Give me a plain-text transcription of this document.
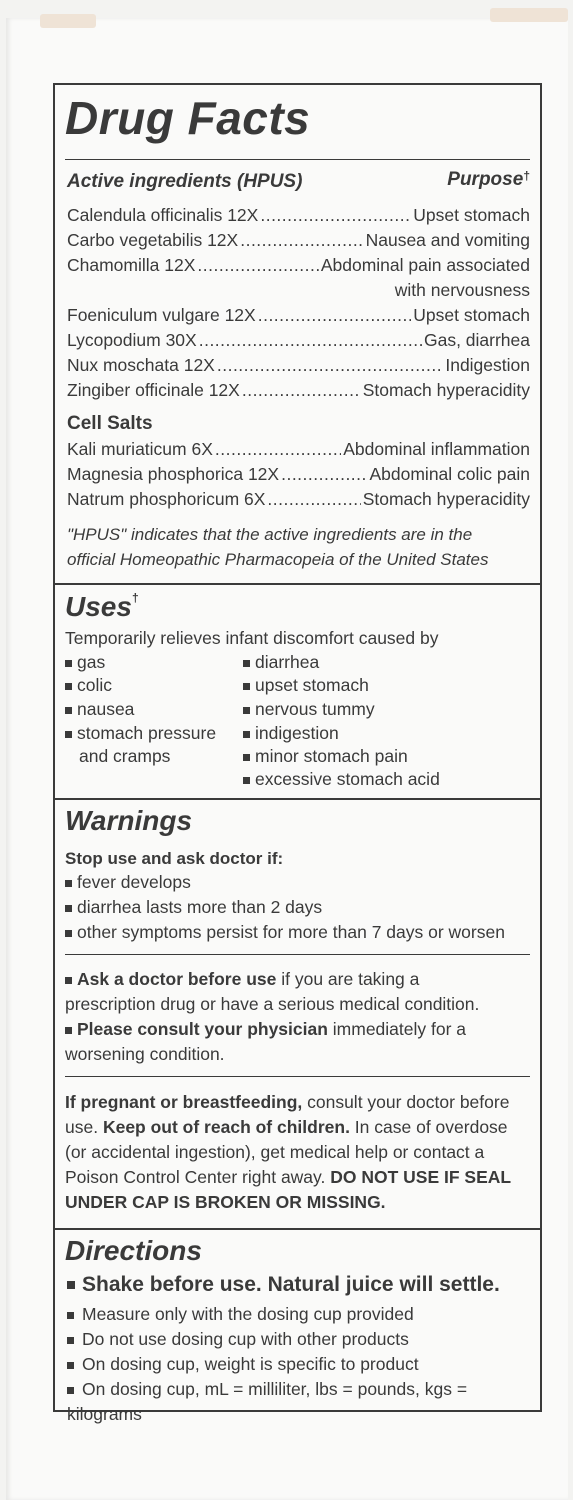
Drug Facts
Active ingredients (HPUS)	Purpose†
Calendula officinalis 12X .....	Upset stomach
Carbo vegetabilis 12X .....	Nausea and vomiting
Chamomilla 12X .....	Abdominal pain associated
with nervousness
Foeniculum vulgare 12X .....	Upset stomach
Lycopodium 30X .....	Gas, diarrhea
Nux moschata 12X .....	Indigestion
Zingiber officinale 12X .....	Stomach hyperacidity
Cell Salts
Kali muriaticum 6X .....	Abdominal inflammation
Magnesia phosphorica 12X .....	Abdominal colic pain
Natrum phosphoricum 6X .....	Stomach hyperacidity
"HPUS" indicates that the active ingredients are in the
official Homeopathic Pharmacopeia of the United States
Uses†
Temporarily relieves infant discomfort caused by
gas
colic
nausea
stomach pressure
and cramps
diarrhea
upset stomach
nervous tummy
indigestion
minor stomach pain
excessive stomach acid
Warnings
Stop use and ask doctor if:
fever develops
diarrhea lasts more than 2 days
other symptoms persist for more than 7 days or worsen
Ask a doctor before use if you are taking a
prescription drug or have a serious medical condition.
Please consult your physician immediately for a
worsening condition.
If pregnant or breastfeeding, consult your doctor before
use. Keep out of reach of children. In case of overdose
(or accidental ingestion), get medical help or contact a
Poison Control Center right away. DO NOT USE IF SEAL
UNDER CAP IS BROKEN OR MISSING.
Directions
Shake before use. Natural juice will settle.
Measure only with the dosing cup provided
Do not use dosing cup with other products
On dosing cup, weight is specific to product
On dosing cup, mL = milliliter, lbs = pounds, kgs = kilograms
